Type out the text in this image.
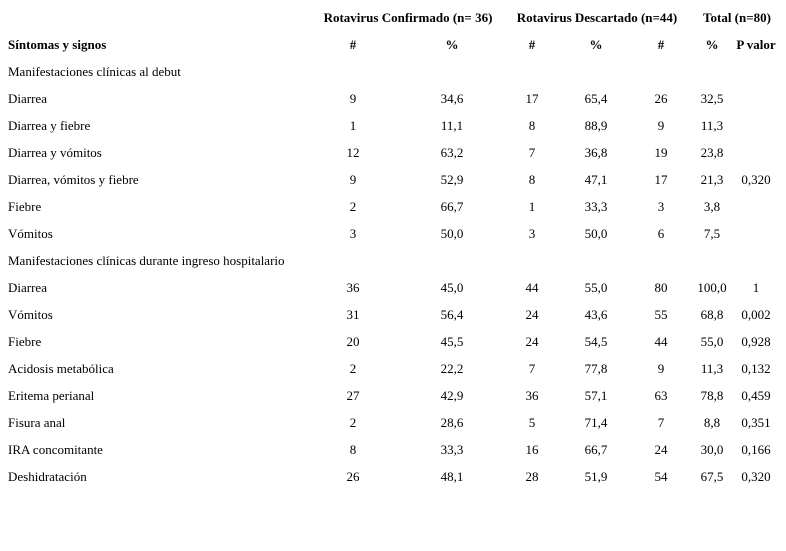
Rotavirus Confirmado (n= 36)	Rotavirus Descartado (n=44)	Total (n=80)
Síntomas y signos	#	%	#	%	#	%	P valor
Manifestaciones clínicas al debut
Diarrea	9	34,6	17	65,4	26	32,5
Diarrea y fiebre	1	11,1	8	88,9	9	11,3
Diarrea y vómitos	12	63,2	7	36,8	19	23,8
Diarrea, vómitos y fiebre	9	52,9	8	47,1	17	21,3	0,320
Fiebre	2	66,7	1	33,3	3	3,8
Vómitos	3	50,0	3	50,0	6	7,5
Manifestaciones clínicas durante ingreso hospitalario
Diarrea	36	45,0	44	55,0	80	100,0	1
Vómitos	31	56,4	24	43,6	55	68,8	0,002
Fiebre	20	45,5	24	54,5	44	55,0	0,928
Acidosis metabólica	2	22,2	7	77,8	9	11,3	0,132
Eritema perianal	27	42,9	36	57,1	63	78,8	0,459
Fisura anal	2	28,6	5	71,4	7	8,8	0,351
IRA concomitante	8	33,3	16	66,7	24	30,0	0,166
Deshidratación	26	48,1	28	51,9	54	67,5	0,320
